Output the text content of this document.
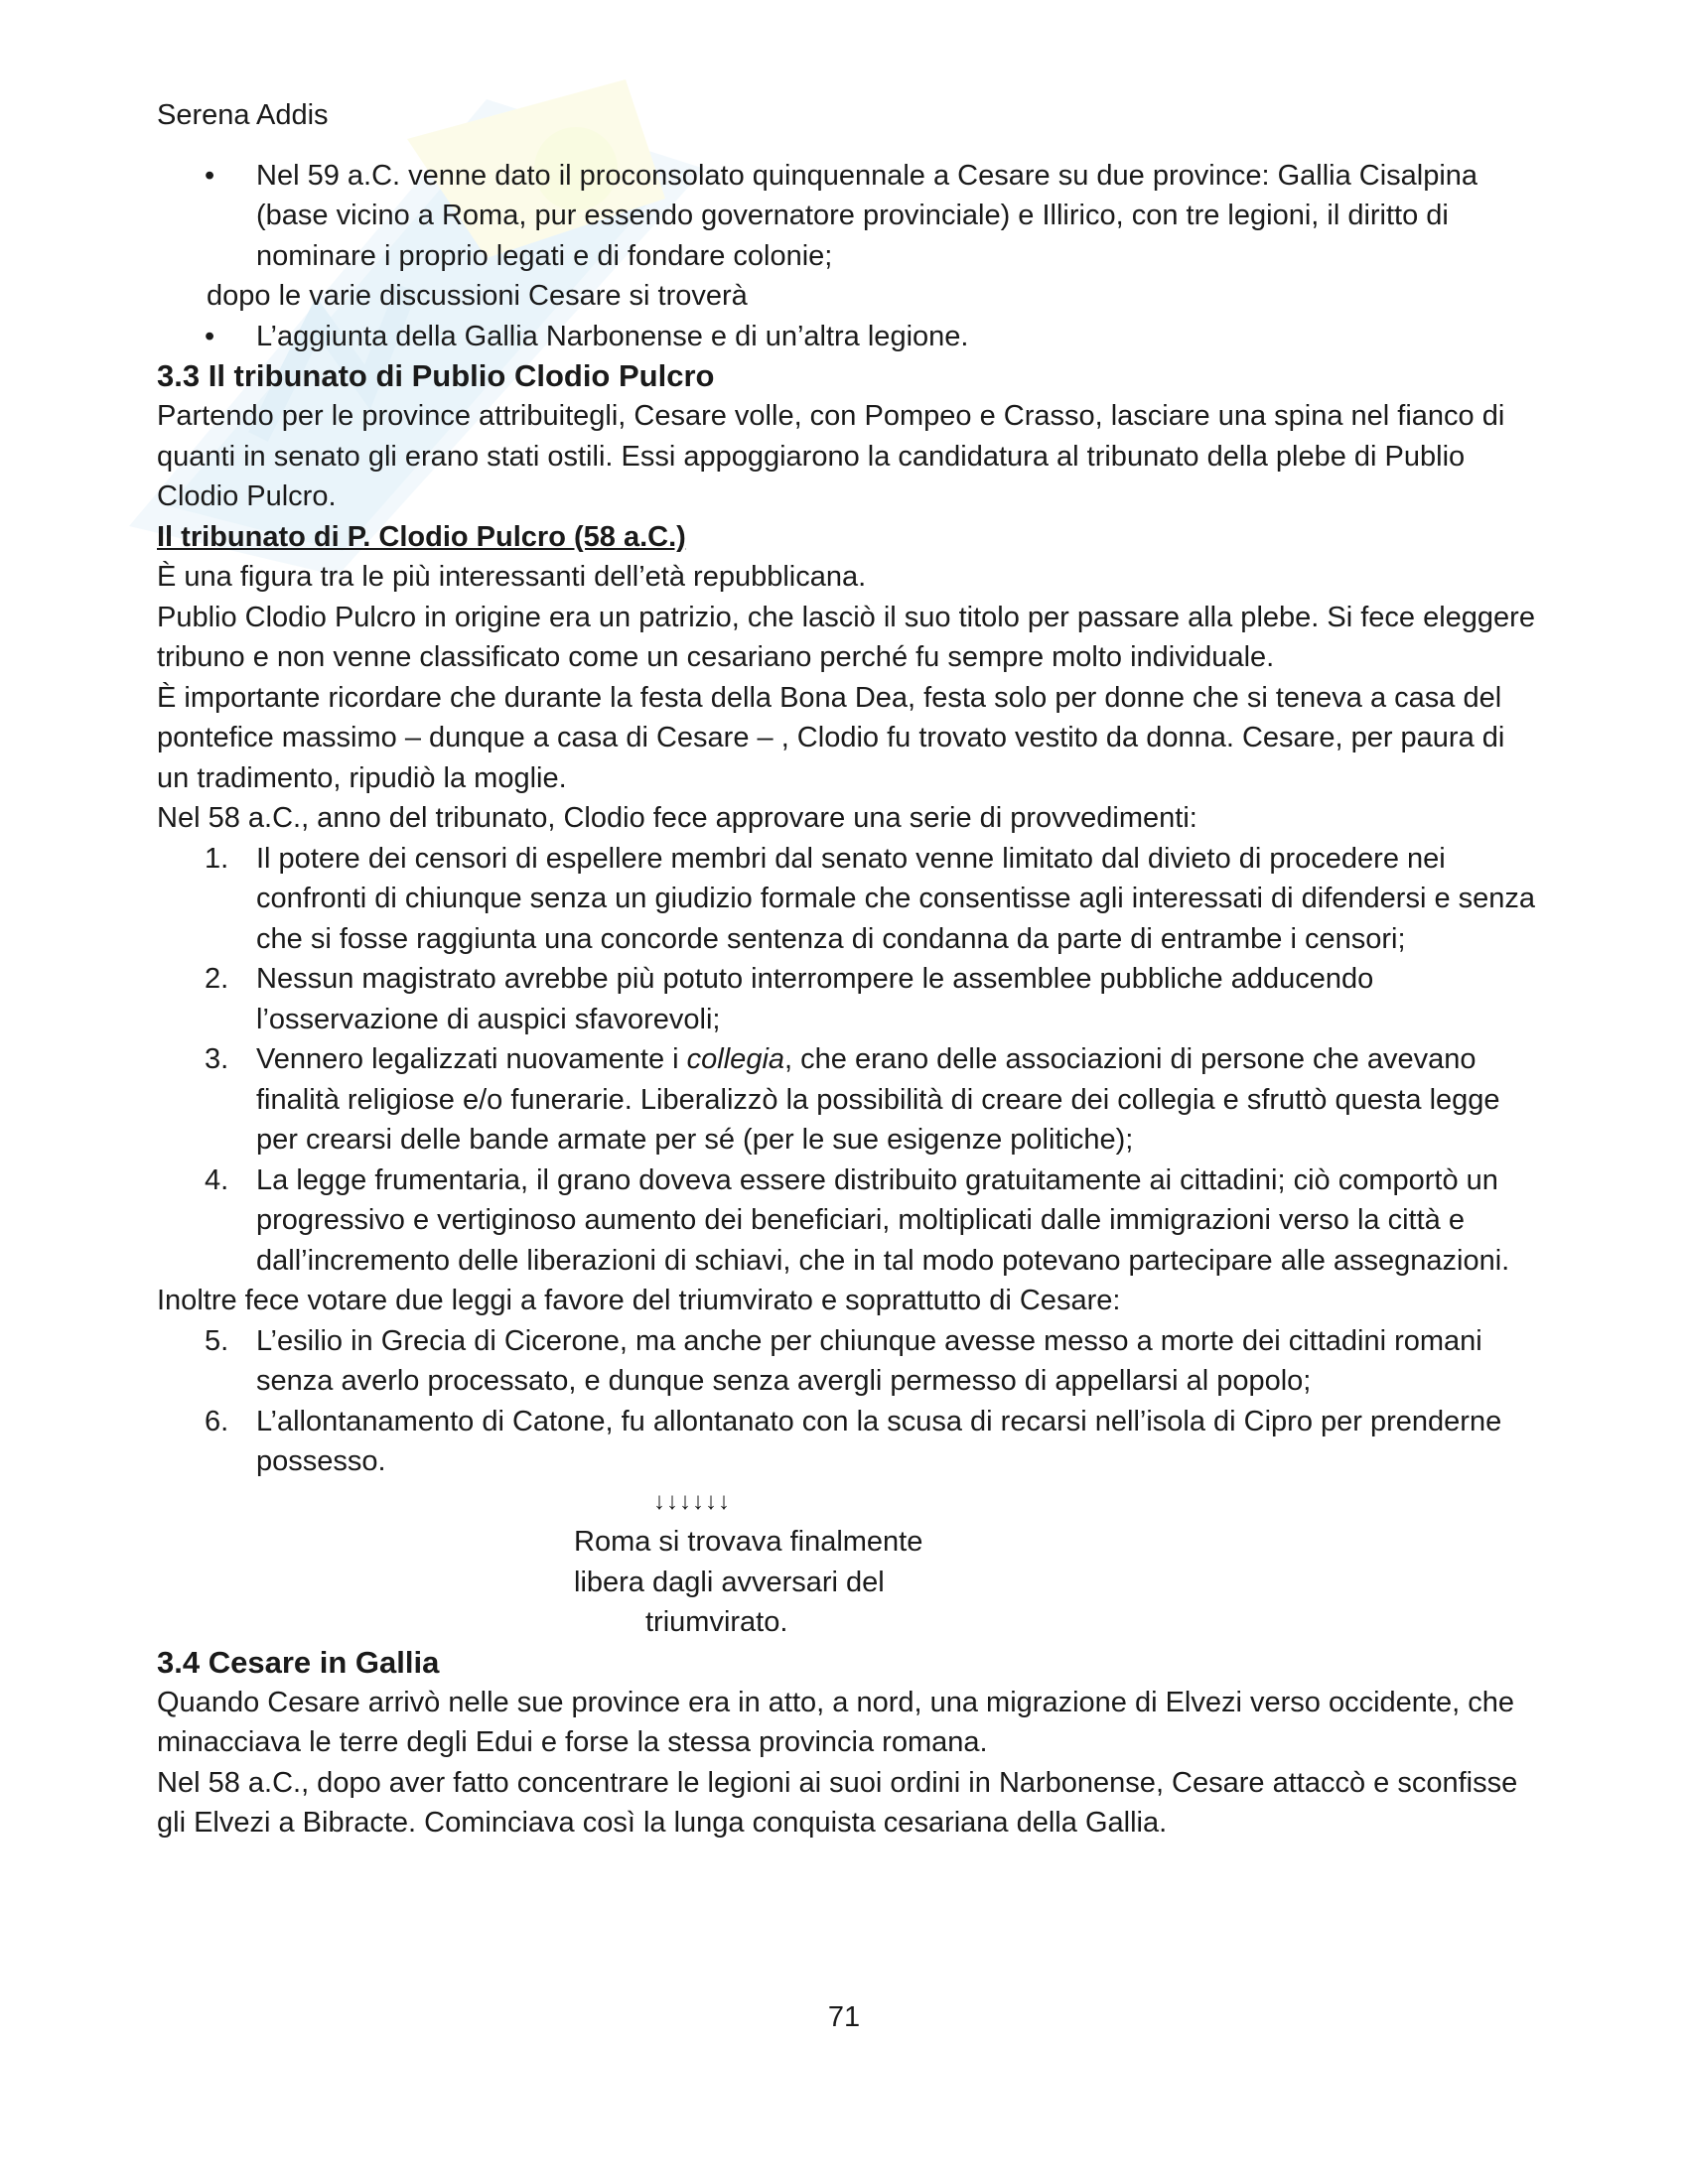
Serena Addis

• Nel 59 a.C. venne dato il proconsolato quinquennale a Cesare su due province: Gallia Cisalpina (base vicino a Roma, pur essendo governatore provinciale) e Illirico, con tre legioni, il diritto di nominare i proprio legati e di fondare colonie;

dopo le varie discussioni Cesare si troverà

• L’aggiunta della Gallia Narbonense e di un’altra legione.
3.3 Il tribunato di Publio Clodio Pulcro

Partendo per le province attribuitegli, Cesare volle, con Pompeo e Crasso, lasciare una spina nel fianco di quanti in senato gli erano stati ostili. Essi appoggiarono la candidatura al tribunato della plebe di Publio Clodio Pulcro.

Il tribunato di P. Clodio Pulcro (58 a.C.)

È una figura tra le più interessanti dell’età repubblicana.

Publio Clodio Pulcro in origine era un patrizio, che lasciò il suo titolo per passare alla plebe. Si fece eleggere tribuno e non venne classificato come un cesariano perché fu sempre molto individuale.

È importante ricordare che durante la festa della Bona Dea, festa solo per donne che si teneva a casa del pontefice massimo – dunque a casa di Cesare – , Clodio fu trovato vestito da donna. Cesare, per paura di un tradimento, ripudiò la moglie.

Nel 58 a.C., anno del tribunato, Clodio fece approvare una serie di provvedimenti:

1. Il potere dei censori di espellere membri dal senato venne limitato dal divieto di procedere nei confronti di chiunque senza un giudizio formale che consentisse agli interessati di difendersi e senza che si fosse raggiunta una concorde sentenza di condanna da parte di entrambe i censori;
2. Nessun magistrato avrebbe più potuto interrompere le assemblee pubbliche adducendo l’osservazione di auspici sfavorevoli;
3. Vennero legalizzati nuovamente i collegia, che erano delle associazioni di persone che avevano finalità religiose e/o funerarie. Liberalizzò la possibilità di creare dei collegia e sfruttò questa legge per crearsi delle bande armate per sé (per le sue esigenze politiche);
4. La legge frumentaria, il grano doveva essere distribuito gratuitamente ai cittadini; ciò comportò un progressivo e vertiginoso aumento dei beneficiari, moltiplicati dalle immigrazioni verso la città e dall’incremento delle liberazioni di schiavi, che in tal modo potevano partecipare alle assegnazioni.

Inoltre fece votare due leggi a favore del triumvirato e soprattutto di Cesare:

5. L’esilio in Grecia di Cicerone, ma anche per chiunque avesse messo a morte dei cittadini romani senza averlo processato, e dunque senza avergli permesso di appellarsi al popolo;
6. L’allontanamento di Catone, fu allontanato con la scusa di recarsi nell’isola di Cipro per prenderne possesso.

↓↓↓↓↓↓

Roma si trovava finalmente libera dagli avversari del

triumvirato.

3.4 Cesare in Gallia

Quando Cesare arrivò nelle sue province era in atto, a nord, una migrazione di Elvezi verso occidente, che minacciava le terre degli Edui e forse la stessa provincia romana.

Nel 58 a.C., dopo aver fatto concentrare le legioni ai suoi ordini in Narbonense, Cesare attaccò e sconfisse gli Elvezi a Bibracte. Cominciava così la lunga conquista cesariana della Gallia.

71
